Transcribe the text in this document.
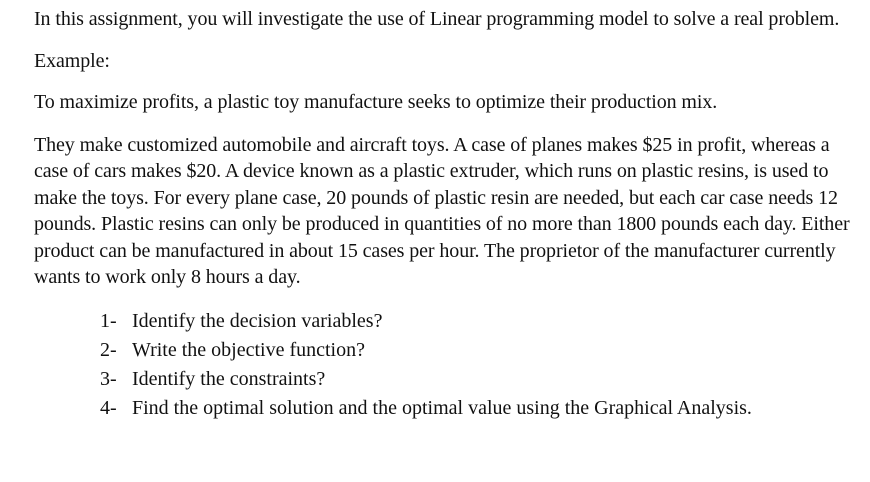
In this assignment, you will investigate the use of Linear programming model to solve a real problem.

Example:

To maximize profits, a plastic toy manufacture seeks to optimize their production mix.

They make customized automobile and aircraft toys. A case of planes makes $25 in profit, whereas a case of cars makes $20. A device known as a plastic extruder, which runs on plastic resins, is used to make the toys. For every plane case, 20 pounds of plastic resin are needed, but each car case needs 12 pounds. Plastic resins can only be produced in quantities of no more than 1800 pounds each day. Either product can be manufactured in about 15 cases per hour. The proprietor of the manufacturer currently wants to work only 8 hours a day.

1- Identify the decision variables?
2- Write the objective function?
3- Identify the constraints?
4- Find the optimal solution and the optimal value using the Graphical Analysis.
